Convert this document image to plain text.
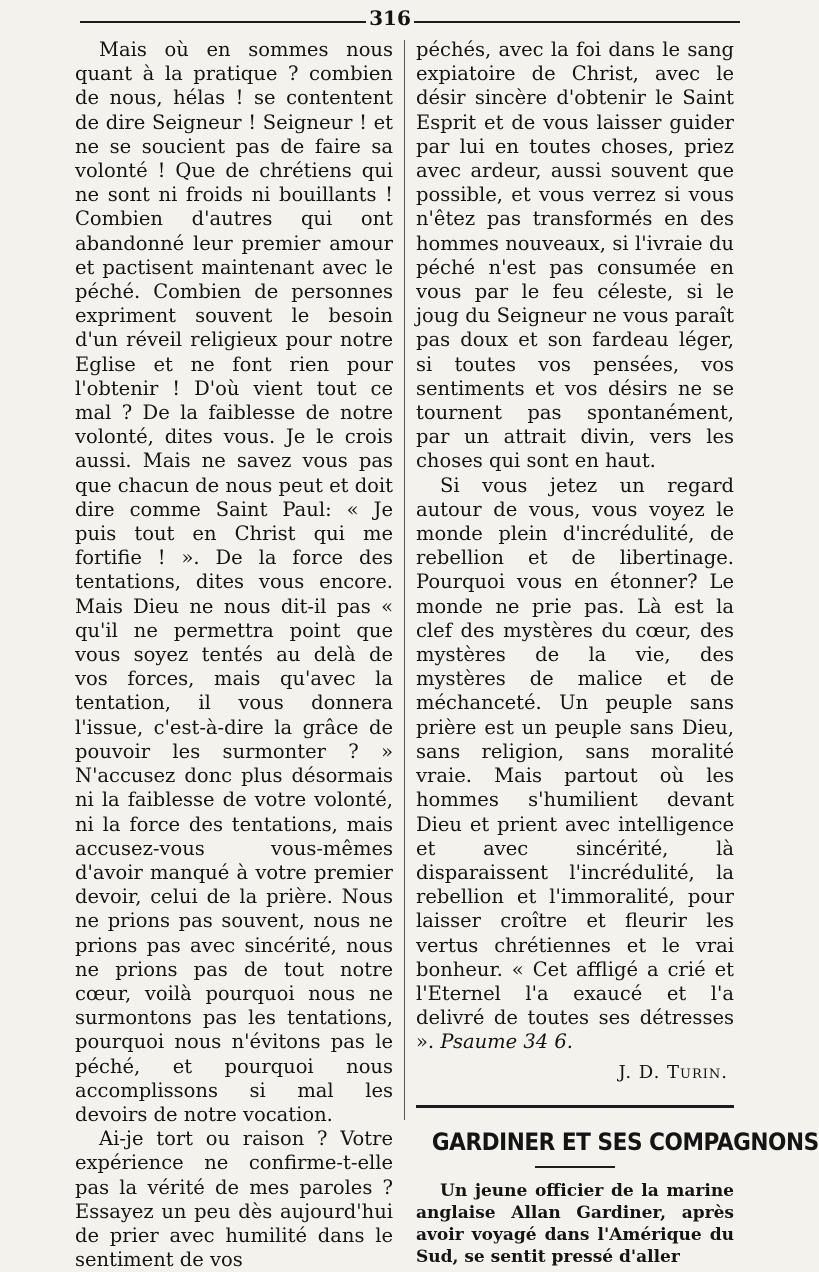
316

Mais où en sommes nous quant à la pratique ? combien de nous, hélas ! se contentent de dire Seigneur ! Seigneur ! et ne se soucient pas de faire sa volonté ! Que de chrétiens qui ne sont ni froids ni bouillants ! Combien d'autres qui ont abandonné leur premier amour et pactisent maintenant avec le péché. Combien de personnes expriment souvent le besoin d'un réveil religieux pour notre Eglise et ne font rien pour l'obtenir ! D'où vient tout ce mal ? De la faiblesse de notre volonté, dites vous. Je le crois aussi. Mais ne savez vous pas que chacun de nous peut et doit dire comme Saint Paul: « Je puis tout en Christ qui me fortifie ! ». De la force des tentations, dites vous encore. Mais Dieu ne nous dit-il pas « qu'il ne permettra point que vous soyez tentés au delà de vos forces, mais qu'avec la tentation, il vous donnera l'issue, c'est-à-dire la grâce de pouvoir les surmonter ? » N'accusez donc plus désormais ni la faiblesse de votre volonté, ni la force des tentations, mais accusez-vous vous-mêmes d'avoir manqué à votre premier devoir, celui de la prière. Nous ne prions pas souvent, nous ne prions pas avec sincérité, nous ne prions pas de tout notre cœur, voilà pourquoi nous ne surmontons pas les tentations, pourquoi nous n'évitons pas le péché, et pourquoi nous accomplissons si mal les devoirs de notre vocation.

Ai-je tort ou raison ? Votre expérience ne confirme-t-elle pas la vérité de mes paroles ? Essayez un peu dès aujourd'hui de prier avec humilité dans le sentiment de vos

péchés, avec la foi dans le sang expiatoire de Christ, avec le désir sincère d'obtenir le Saint Esprit et de vous laisser guider par lui en toutes choses, priez avec ardeur, aussi souvent que possible, et vous verrez si vous n'êtez pas transformés en des hommes nouveaux, si l'ivraie du péché n'est pas consumée en vous par le feu céleste, si le joug du Seigneur ne vous paraît pas doux et son fardeau léger, si toutes vos pensées, vos sentiments et vos désirs ne se tournent pas spontanément, par un attrait divin, vers les choses qui sont en haut.

Si vous jetez un regard autour de vous, vous voyez le monde plein d'incrédulité, de rebellion et de libertinage. Pourquoi vous en étonner? Le monde ne prie pas. Là est la clef des mystères du cœur, des mystères de la vie, des mystères de malice et de méchanceté. Un peuple sans prière est un peuple sans Dieu, sans religion, sans moralité vraie. Mais partout où les hommes s'humilient devant Dieu et prient avec intelligence et avec sincérité, là disparaissent l'incrédulité, la rebellion et l'immoralité, pour laisser croître et fleurir les vertus chrétiennes et le vrai bonheur. « Cet affligé a crié et l'Eternel l'a exaucé et l'a delivré de toutes ses détresses ». Psaume 34 6.

J. D. Turin.
GARDINER ET SES COMPAGNONS

Un jeune officier de la marine anglaise Allan Gardiner, après avoir voyagé dans l'Amérique du Sud, se sentit pressé d'aller
